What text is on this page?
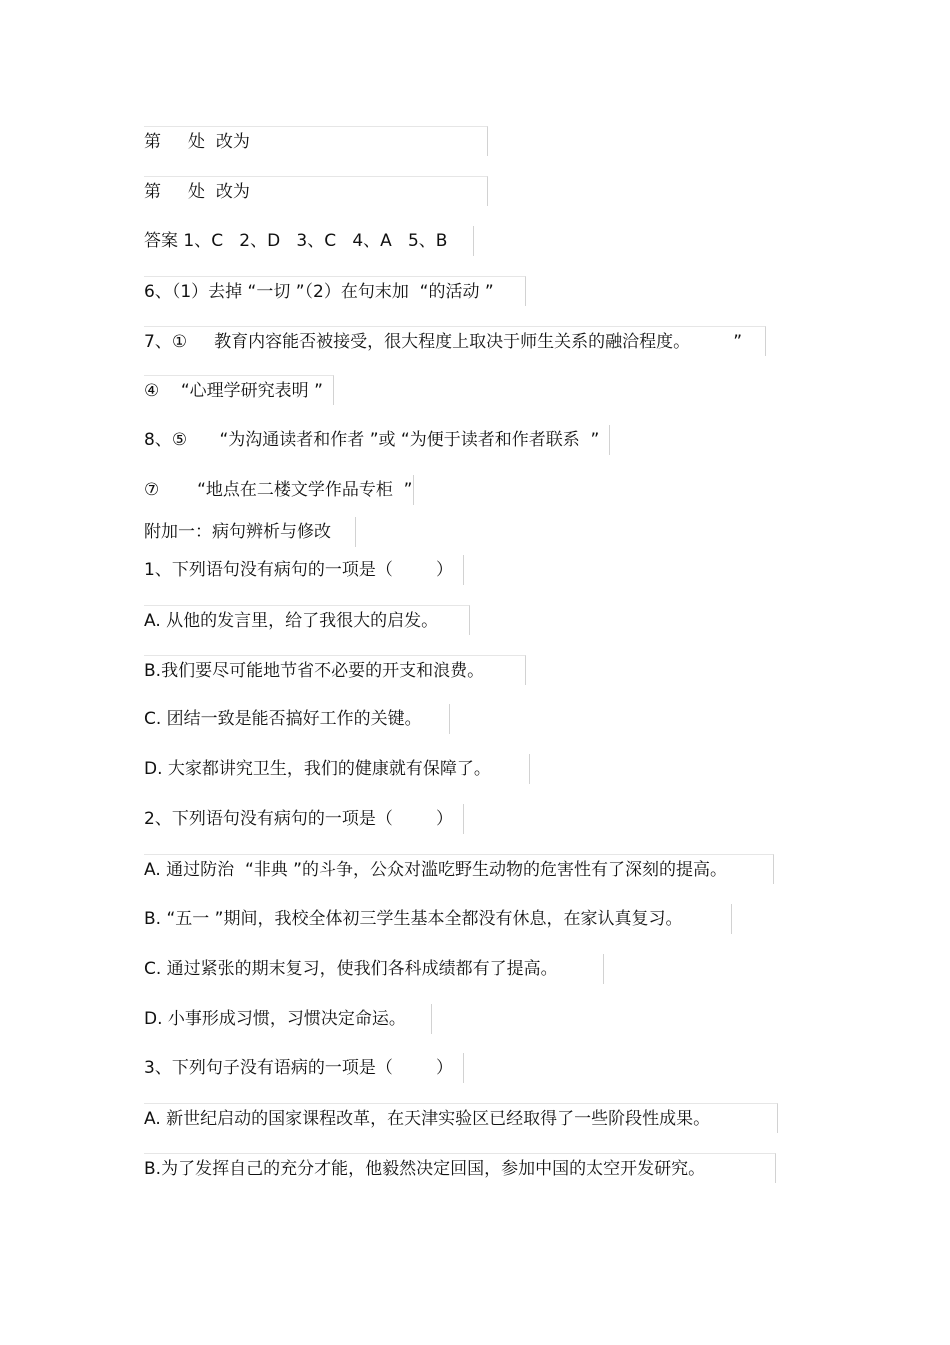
第     处  改为
第     处  改为
答案 1、C   2、D   3、C   4、A   5、B
6、（1）去掉 “一切 ”（2）在句末加  “的活动 ”
7、①     教育内容能否被接受，很大程度上取决于师生关系的融洽程度。        ”
④    “心理学研究表明 ”
8、⑤      “为沟通读者和作者 ”或 “为便于读者和作者联系  ”
⑦       “地点在二楼文学作品专柜  ”
附加一：病句辨析与修改
1、下列语句没有病句的一项是（        ）
A. 从他的发言里，给了我很大的启发。
B.我们要尽可能地节省不必要的开支和浪费。
C. 团结一致是能否搞好工作的关键。
D. 大家都讲究卫生，我们的健康就有保障了。
2、下列语句没有病句的一项是（        ）
A. 通过防治  “非典 ”的斗争，公众对滥吃野生动物的危害性有了深刻的提高。
B. “五一 ”期间，我校全体初三学生基本全都没有休息，在家认真复习。
C. 通过紧张的期末复习，使我们各科成绩都有了提高。
D. 小事形成习惯，习惯决定命运。
3、下列句子没有语病的一项是（        ）
A. 新世纪启动的国家课程改革，在天津实验区已经取得了一些阶段性成果。
B.为了发挥自己的充分才能，他毅然决定回国，参加中国的太空开发研究。
